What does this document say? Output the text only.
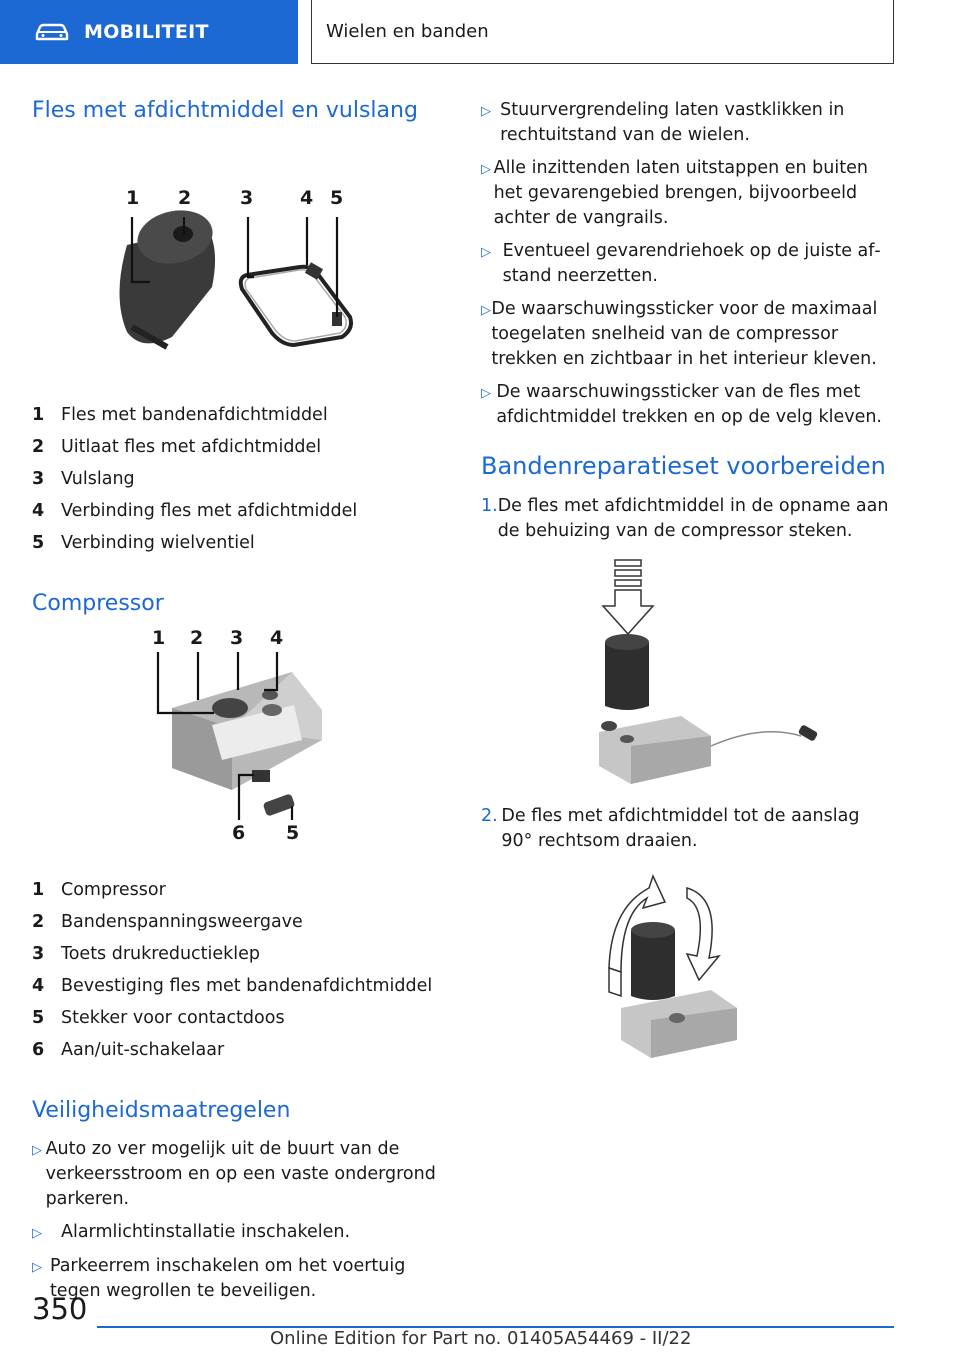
MOBILITEIT	Wielen en banden
Fles met afdichtmiddel en vulslang
1 2	3 4 5
1 Fles met bandenafdichtmiddel
2 Uitlaat fles met afdichtmiddel
3 Vulslang
4 Verbinding fles met afdichtmiddel
5 Verbinding wielventiel
Compressor
1 2 3 4
6 5
1 Compressor
2 Bandenspanningsweergave
3 Toets drukreductieklep
4 Bevestiging fles met bandenafdichtmiddel
5 Stekker voor contactdoos
6 Aan/uit-schakelaar
Veiligheidsmaatregelen
▷ Auto zo ver mogelijk uit de buurt van de verkeersstroom en op een vaste ondergrond parkeren.
▷	Alarmlichtinstallatie inschakelen.
▷ Parkeerrem inschakelen om het voertuig tegen wegrollen te beveiligen.
▷ Stuurvergrendeling laten vastklikken in rechtuitstand van de wielen.
▷ Alle inzittenden laten uitstappen en buiten het gevarengebied brengen, bijvoorbeeld achter de vangrails.
▷ Eventueel gevarendriehoek op de juiste afstand neerzetten.
▷ De waarschuwingssticker voor de maximaal toegelaten snelheid van de compressor trekken en zichtbaar in het interieur kleven.
▷ De waarschuwingssticker van de fles met afdichtmiddel trekken en op de velg kleven.
Bandenreparatieset voorbereiden
1. De fles met afdichtmiddel in de opname aan de behuizing van de compressor steken.
2. De fles met afdichtmiddel tot de aanslag 90° rechtsom draaien.
350
Online Edition for Part no. 01405A54469 - II/22
